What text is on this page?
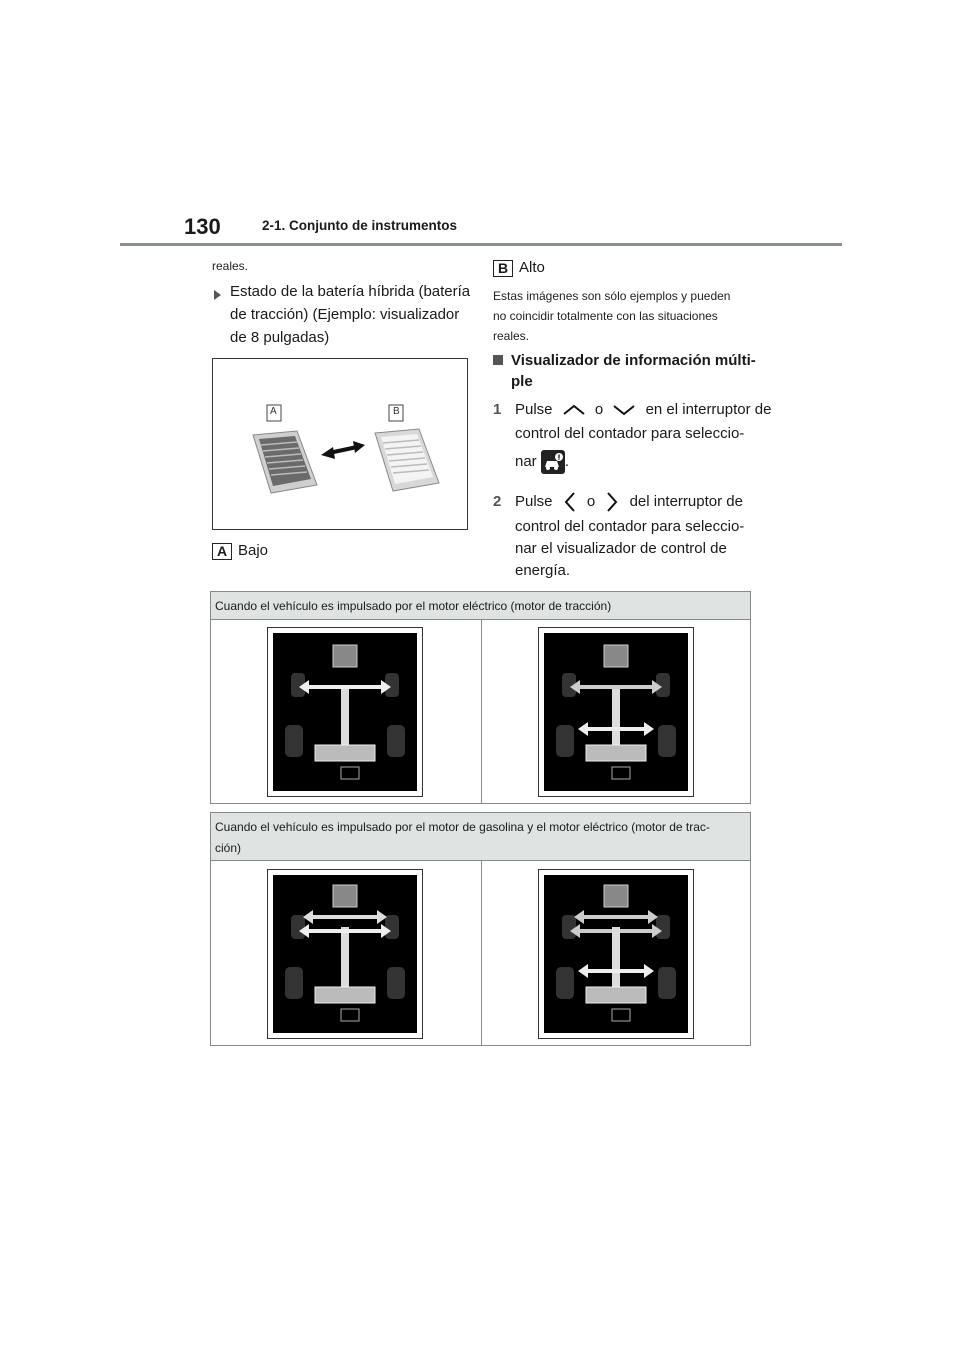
130	2-1. Conjunto de instrumentos
reales.
Estado de la batería híbrida (batería
de tracción) (Ejemplo: visualizador
de 8 pulgadas)
A	B
A Bajo
B Alto
Estas imágenes son sólo ejemplos y pueden
no coincidir totalmente con las situaciones
reales.
Visualizador de información múlti-
ple
1 Pulse	o	en el interruptor de
control del contador para seleccio-
nar .
2 Pulse o del interruptor de
control del contador para seleccio-
nar el visualizador de control de
energía.
Cuando el vehículo es impulsado por el motor eléctrico (motor de tracción)
Cuando el vehículo es impulsado por el motor de gasolina y el motor eléctrico (motor de trac-
ción)
